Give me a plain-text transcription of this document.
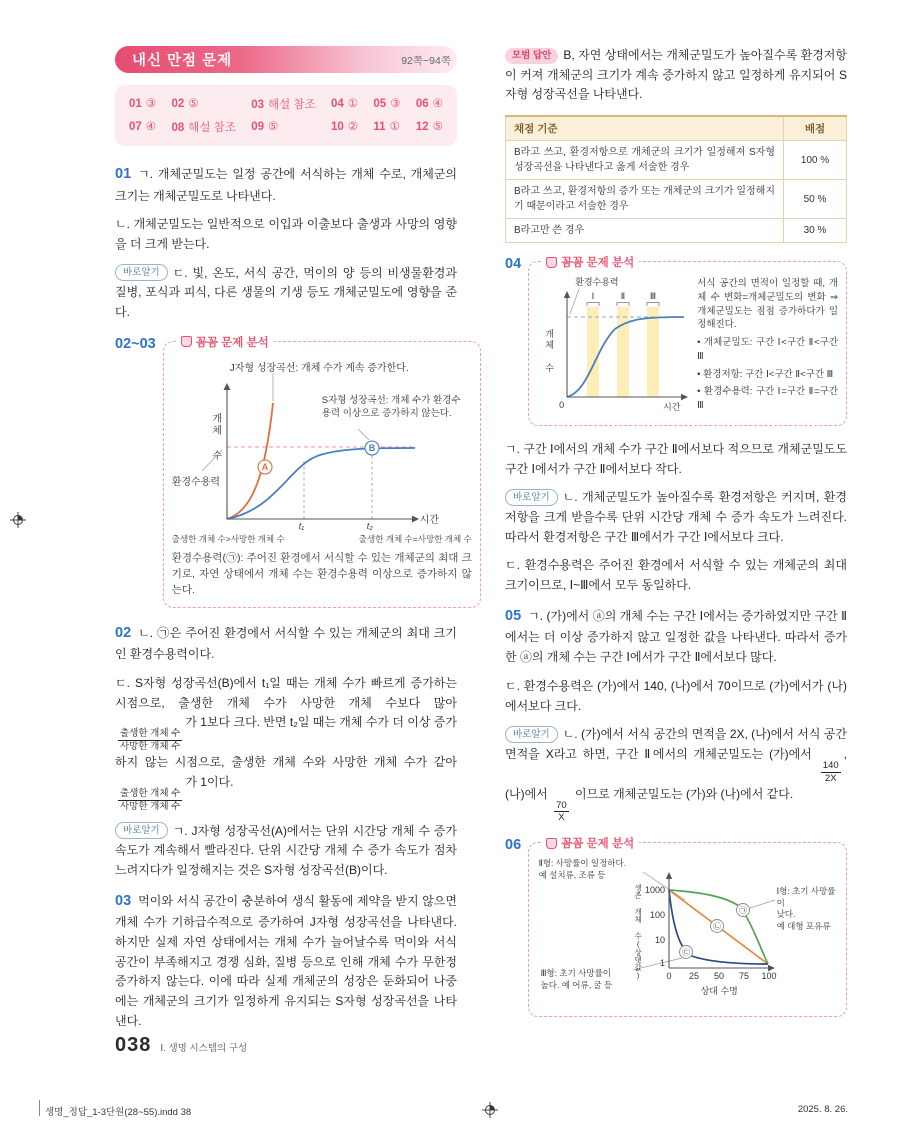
내신 만점 문제	92쪽~94쪽
01 ③ 02 ⑤	03 해설 참조 04 ① 05 ③ 06 ④
07 ④ 08 해설 참조 09 ⑤	10 ② 11 ① 12 ⑤

01 ㄱ. 개체군밀도는 일정 공간에 서식하는 개체 수로, 개체군의 크기는 개체군밀도로 나타낸다.

ㄴ. 개체군밀도는 일반적으로 이입과 이출보다 출생과 사망의 영향을 더 크게 받는다.

바로알기 ㄷ. 빛, 온도, 서식 공간, 먹이의 양 등의 비생물환경과 질병, 포식과 피식, 다른 생물의 기생 등도 개체군밀도에 영향을 준다.

02~03	꼼꼼 문제 분석
A
B
J자형 성장곡선: 개체 수가 계속 증가한다.
S자형 성장곡선: 개체 수가 환경수용력 이상으로 증가하지 않는다.
환경수용력
개체 수
시간
t₁	t₂
출생한 개체 수>사망한 개체 수	출생한 개체 수=사망한 개체 수
환경수용력(㉠): 주어진 환경에서 서식할 수 있는 개체군의 최대 크기로, 자연 상태에서 개체 수는 환경수용력 이상으로 증가하지 않는다.

02 ㄴ. ㉠은 주어진 환경에서 서식할 수 있는 개체군의 최대 크기인 환경수용력이다.

ㄷ. S자형 성장곡선(B)에서 t₁일 때는 개체 수가 빠르게 증가하는 시점으로, 출생한 개체 수가 사망한 개체 수보다 많아
$\frac{\text{출생한 개체 수}}{\text{사망한 개체 수}}$
가 1보다 크다. 반면 t₂일 때는 개체 수가 더 이상 증가하지 않는 시점으로, 출생한 개체 수와 사망한 개체 수가 같아
$\frac{\text{출생한 개체 수}}{\text{사망한 개체 수}}$
가 1이다.

바로알기 ㄱ. J자형 성장곡선(A)에서는 단위 시간당 개체 수 증가 속도가 계속해서 빨라진다. 단위 시간당 개체 수 증가 속도가 점차 느려지다가 일정해지는 것은 S자형 성장곡선(B)이다.

03 먹이와 서식 공간이 충분하여 생식 활동에 제약을 받지 않으면 개체 수가 기하급수적으로 증가하여 J자형 성장곡선을 나타낸다. 하지만 실제 자연 상태에서는 개체 수가 늘어날수록 먹이와 서식 공간이 부족해지고 경쟁 심화, 질병 등으로 인해 개체 수가 무한정 증가하지 않는다. 이에 따라 실제 개체군의 성장은 둔화되어 나중에는 개체군의 크기가 일정하게 유지되는 S자형 성장곡선을 나타낸다.

모범 답안 B, 자연 상태에서는 개체군밀도가 높아질수록 환경저항이 커져 개체군의 크기가 계속 증가하지 않고 일정하게 유지되어 S자형 성장곡선을 나타낸다.

채점 기준	배점
B라고 쓰고, 환경저항으로 개체군의 크기가 일정해져 S자형 성장곡선을 나타낸다고 옳게 서술한 경우	100 %
B라고 쓰고, 환경저항의 증가 또는 개체군의 크기가 일정해지기 때문이라고 서술한 경우	50 %
B라고만 쓴 경우	30 %
04	꼼꼼 문제 분석
Ⅰ	Ⅱ	Ⅲ
환경수용력
개체 수
0	시간
서식 공간의 면적이 일정할 때, 개체 수 변화=개체군밀도의 변화 ⇒ 개체군밀도는 점점 증가하다가 일정해진다.
• 개체군밀도: 구간 Ⅰ<구간 Ⅱ<구간 Ⅲ
• 환경저항: 구간 Ⅰ<구간 Ⅱ<구간 Ⅲ
• 환경수용력: 구간 Ⅰ=구간 Ⅱ=구간 Ⅲ

ㄱ. 구간 Ⅰ에서의 개체 수가 구간 Ⅱ에서보다 적으므로 개체군밀도도 구간 Ⅰ에서가 구간 Ⅱ에서보다 작다.

바로알기 ㄴ. 개체군밀도가 높아질수록 환경저항은 커지며, 환경저항을 크게 받을수록 단위 시간당 개체 수 증가 속도가 느려진다. 따라서 환경저항은 구간 Ⅲ에서가 구간 Ⅰ에서보다 크다.

ㄷ. 환경수용력은 주어진 환경에서 서식할 수 있는 개체군의 최대 크기이므로, Ⅰ~Ⅲ에서 모두 동일하다.

05 ㄱ. (가)에서 ⓐ의 개체 수는 구간 Ⅰ에서는 증가하였지만 구간 Ⅱ에서는 더 이상 증가하지 않고 일정한 값을 나타낸다. 따라서 증가한 ⓐ의 개체 수는 구간 Ⅰ에서가 구간 Ⅱ에서보다 많다.

ㄷ. 환경수용력은 (가)에서 140, (나)에서 70이므로 (가)에서가 (나)에서보다 크다.

바로알기 ㄴ. (가)에서 서식 공간의 면적을 2X, (나)에서 서식 공간 면적을 X라고 하면, 구간 Ⅱ에서의 개체군밀도는 (가)에서
$\frac{140}{2X}$
, (나)에서
$\frac{70}{X}$
이므로 개체군밀도는 (가)와 (나)에서 같다.

06	꼼꼼 문제 분석
1000
100
10
1
0 25 50 75 100
㉠
㉡
㉢
Ⅱ형: 사망률이 일정하다.
예 설치류, 조류 등
Ⅰ형: 초기 사망률이
낮다.
예 대형 포유류
Ⅲ형: 초기 사망률이
높다. 예 어류, 굴 등
생존 개체 수(상댓값)
상대 수명
038 Ⅰ. 생명 시스템의 구성
생명_정답_1-3단원(28~55).indd 38	2025. 8. 26.
